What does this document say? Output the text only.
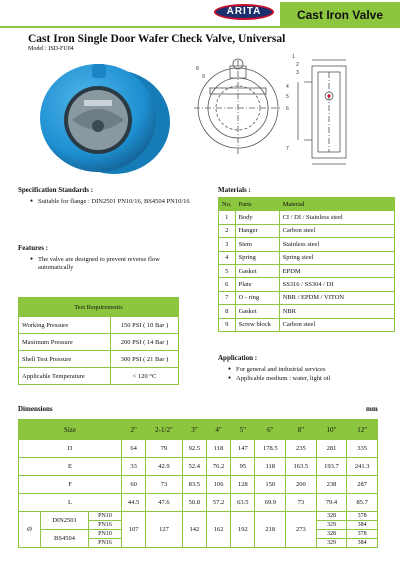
ARITA	Cast Iron Valve
Cast Iron Single Door Wafer Check Valve, Universal
Model : ISD-FU04
1
2
3
4
5
6
7
8
9
Specification Standards :
● Suitable for flange : DIN2501 PN10/16, BS4504 PN10/16
Features :
● The valve are designed to prevent reverse flow automatically
Materials :
No.	Parts	Material
1	Body	CI / DI / Stainless steel
2	Hanger	Carbon steel
3	Stem	Stainless steel
4	Spring	Spring steel
5	Gasket	EPDM
6	Plate	SS316 / SS304 / DI
7	O - ring	NBR / EPDM / VITON
8	Gasket	NBR
9	Screw block	Carbon steel
Test Requirements	
Working Pressure	150 PSI ( 10 Bar )
Maximum Pressure	200 PSI ( 14 Bar )
Shell Test Pressure	300 PSI ( 21 Bar )
Applicable Temperature	< 120 °C
Application :
● For general and industrial services
● Applicable medium : water, light oil
Dimensions	mm
Size			2"	2-1/2"	3"	4"	5"	6"	8"	10"	12"
D			64	79	92.5	118	147	178.5	235	281	335
E			33	42.9	52.4	76.2	95	118	163.5	193.7	241.3
F			60	73	83.5	106	128	150	200	238	287
L			44.5	47.6	50.8	57.2	63.5	69.9	73	79.4	85.7
Ø	DIN2501	PN10	107	127	142	162	192	218	273	328	378
		PN16								329	384
	BS4504	PN10								328	378
		PN16								329	384
